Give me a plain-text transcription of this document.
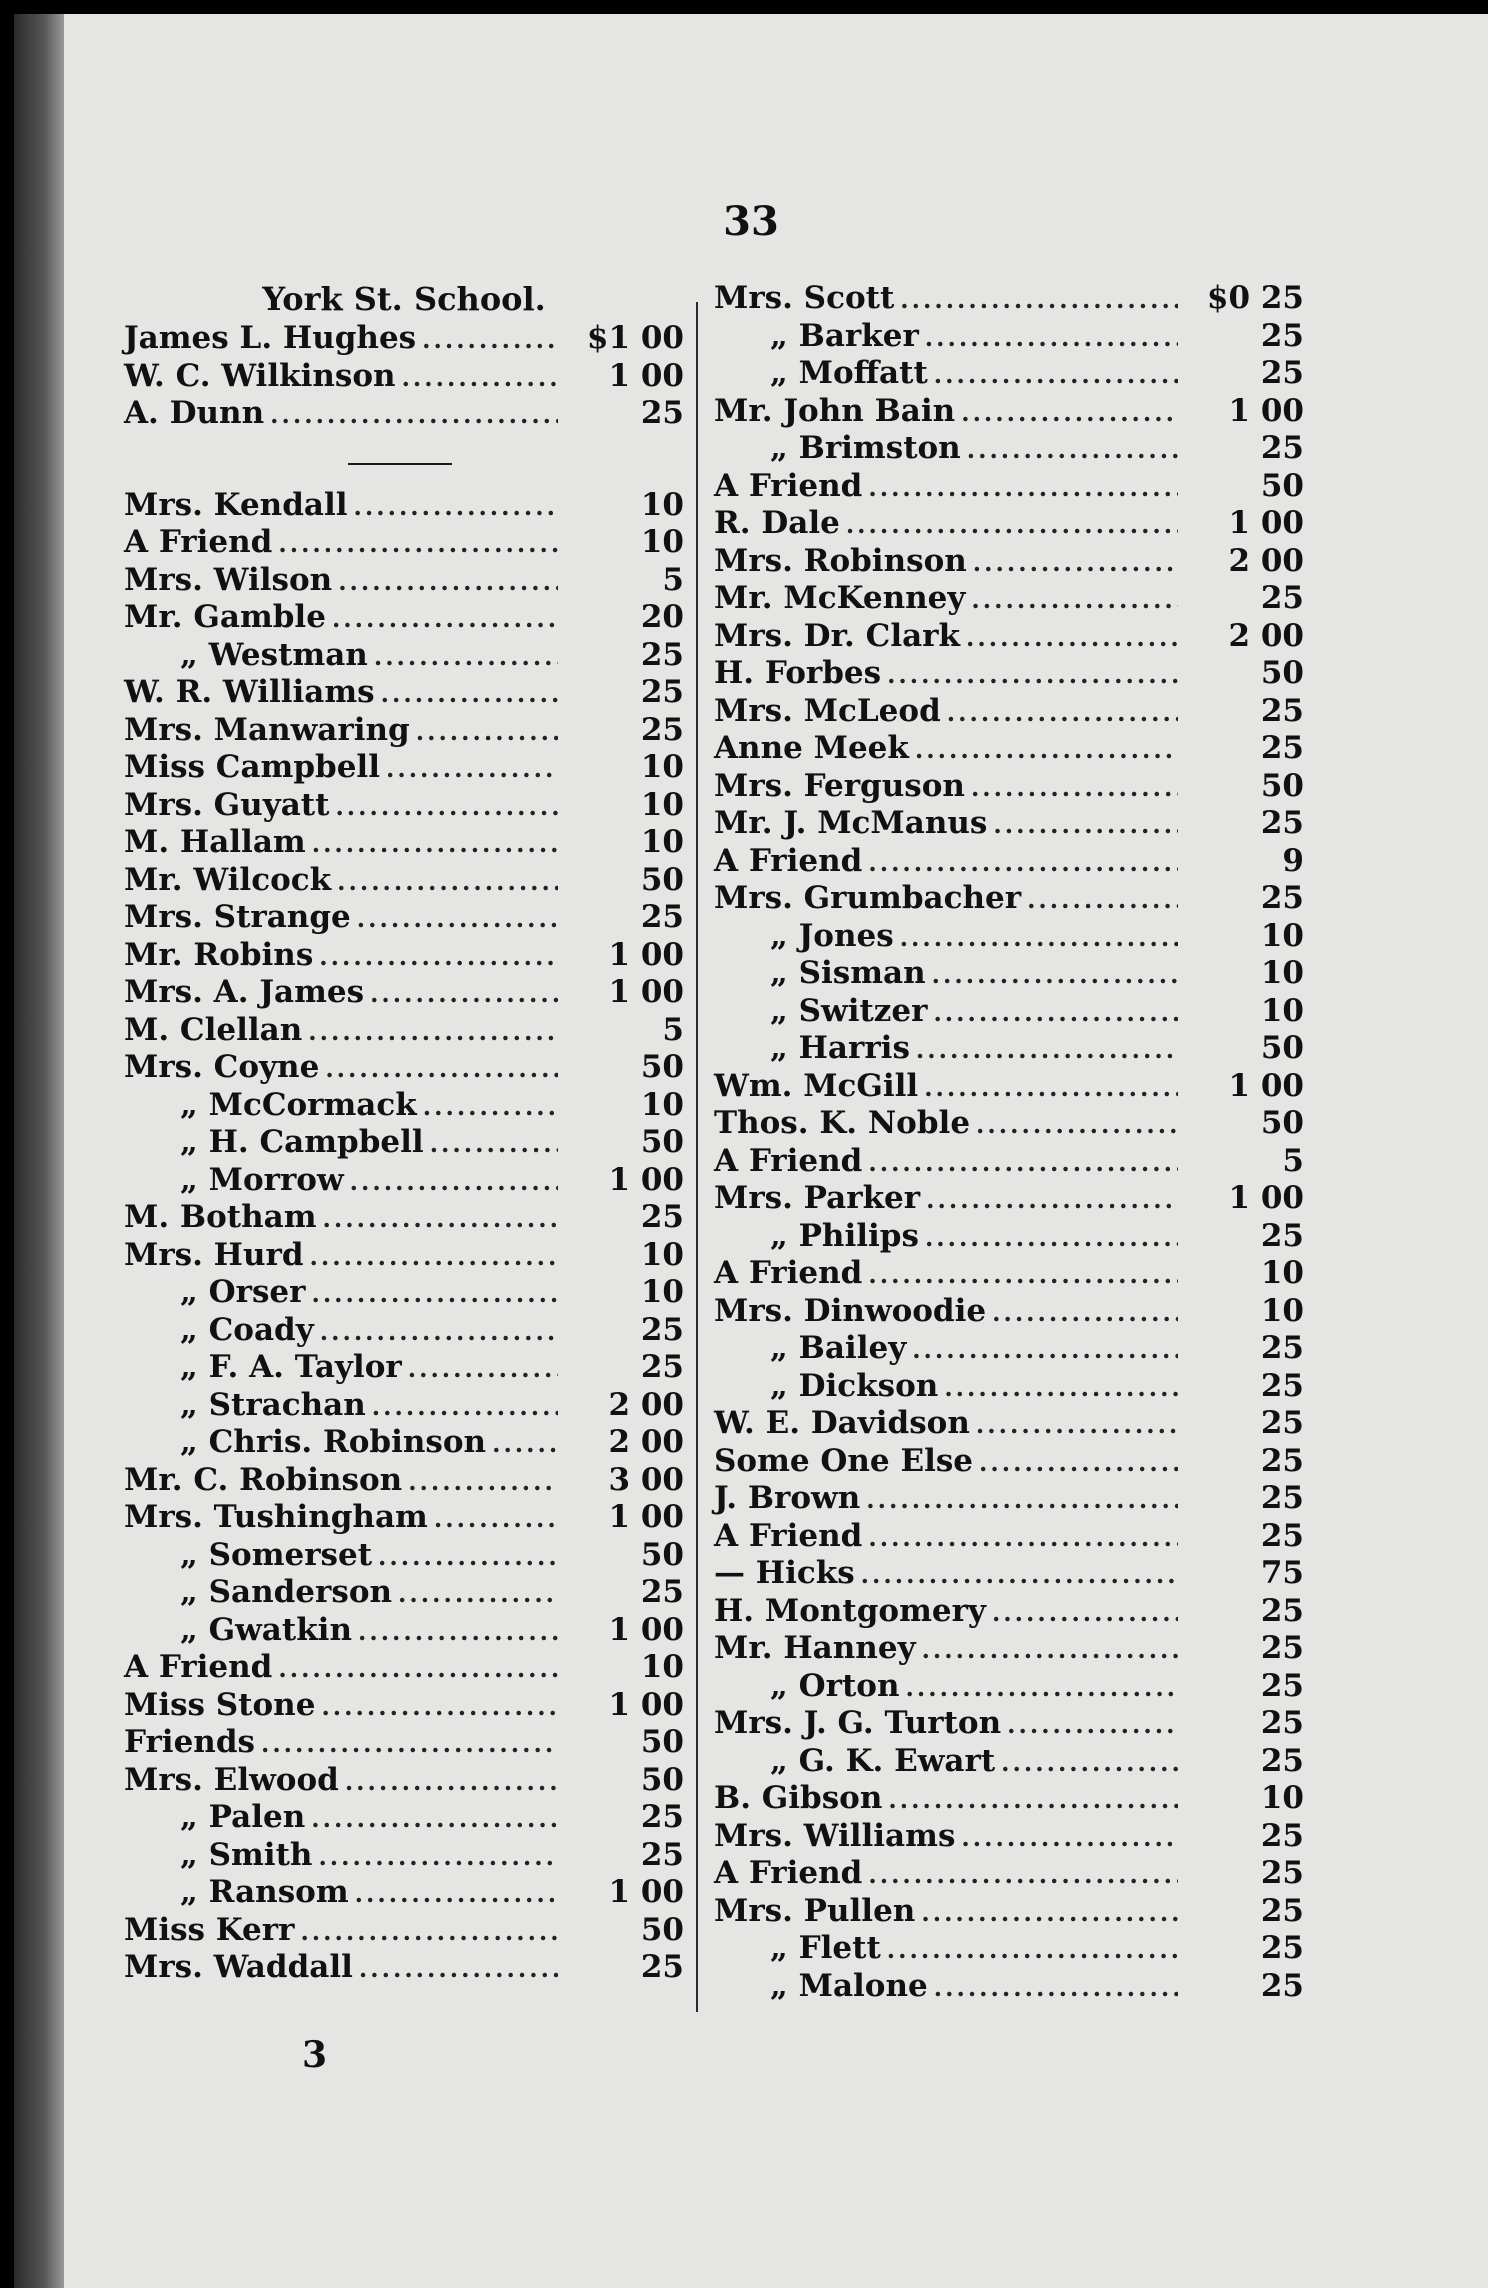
33
York St. School.
James L. Hughes .....	$1 00
W. C. Wilkinson .....	1 00
A. Dunn .....	25
Mrs. Kendall .....	10
A Friend .....	10
Mrs. Wilson .....	5
Mr. Gamble .....	20
„ Westman .....	25
W. R. Williams .....	25
Mrs. Manwaring .....	25
Miss Campbell .....	10
Mrs. Guyatt .....	10
M. Hallam .....	10
Mr. Wilcock .....	50
Mrs. Strange .....	25
Mr. Robins .....	1 00
Mrs. A. James .....	1 00
M. Clellan .....	5
Mrs. Coyne .....	50
„ McCormack .....	10
„ H. Campbell .....	50
„ Morrow .....	1 00
M. Botham .....	25
Mrs. Hurd .....	10
„ Orser .....	10
„ Coady .....	25
„ F. A. Taylor .....	25
„ Strachan .....	2 00
„ Chris. Robinson .....	2 00
Mr. C. Robinson .....	3 00
Mrs. Tushingham .....	1 00
„ Somerset .....	50
„ Sanderson .....	25
„ Gwatkin .....	1 00
A Friend .....	10
Miss Stone .....	1 00
Friends .....	50
Mrs. Elwood .....	50
„ Palen .....	25
„ Smith .....	25
„ Ransom .....	1 00
Miss Kerr .....	50
Mrs. Waddall .....	25
Mrs. Scott .....	$0 25
„ Barker .....	25
„ Moffatt .....	25
Mr. John Bain .....	1 00
„ Brimston .....	25
A Friend .....	50
R. Dale .....	1 00
Mrs. Robinson .....	2 00
Mr. McKenney .....	25
Mrs. Dr. Clark .....	2 00
H. Forbes .....	50
Mrs. McLeod .....	25
Anne Meek .....	25
Mrs. Ferguson .....	50
Mr. J. McManus .....	25
A Friend .....	9
Mrs. Grumbacher .....	25
„ Jones .....	10
„ Sisman .....	10
„ Switzer .....	10
„ Harris .....	50
Wm. McGill .....	1 00
Thos. K. Noble .....	50
A Friend .....	5
Mrs. Parker .....	1 00
„ Philips .....	25
A Friend .....	10
Mrs. Dinwoodie .....	10
„ Bailey .....	25
„ Dickson .....	25
W. E. Davidson .....	25
Some One Else .....	25
J. Brown .....	25
A Friend .....	25
— Hicks .....	75
H. Montgomery .....	25
Mr. Hanney .....	25
„ Orton .....	25
Mrs. J. G. Turton .....	25
„ G. K. Ewart .....	25
B. Gibson .....	10
Mrs. Williams .....	25
A Friend .....	25
Mrs. Pullen .....	25
„ Flett .....	25
„ Malone .....	25
3
